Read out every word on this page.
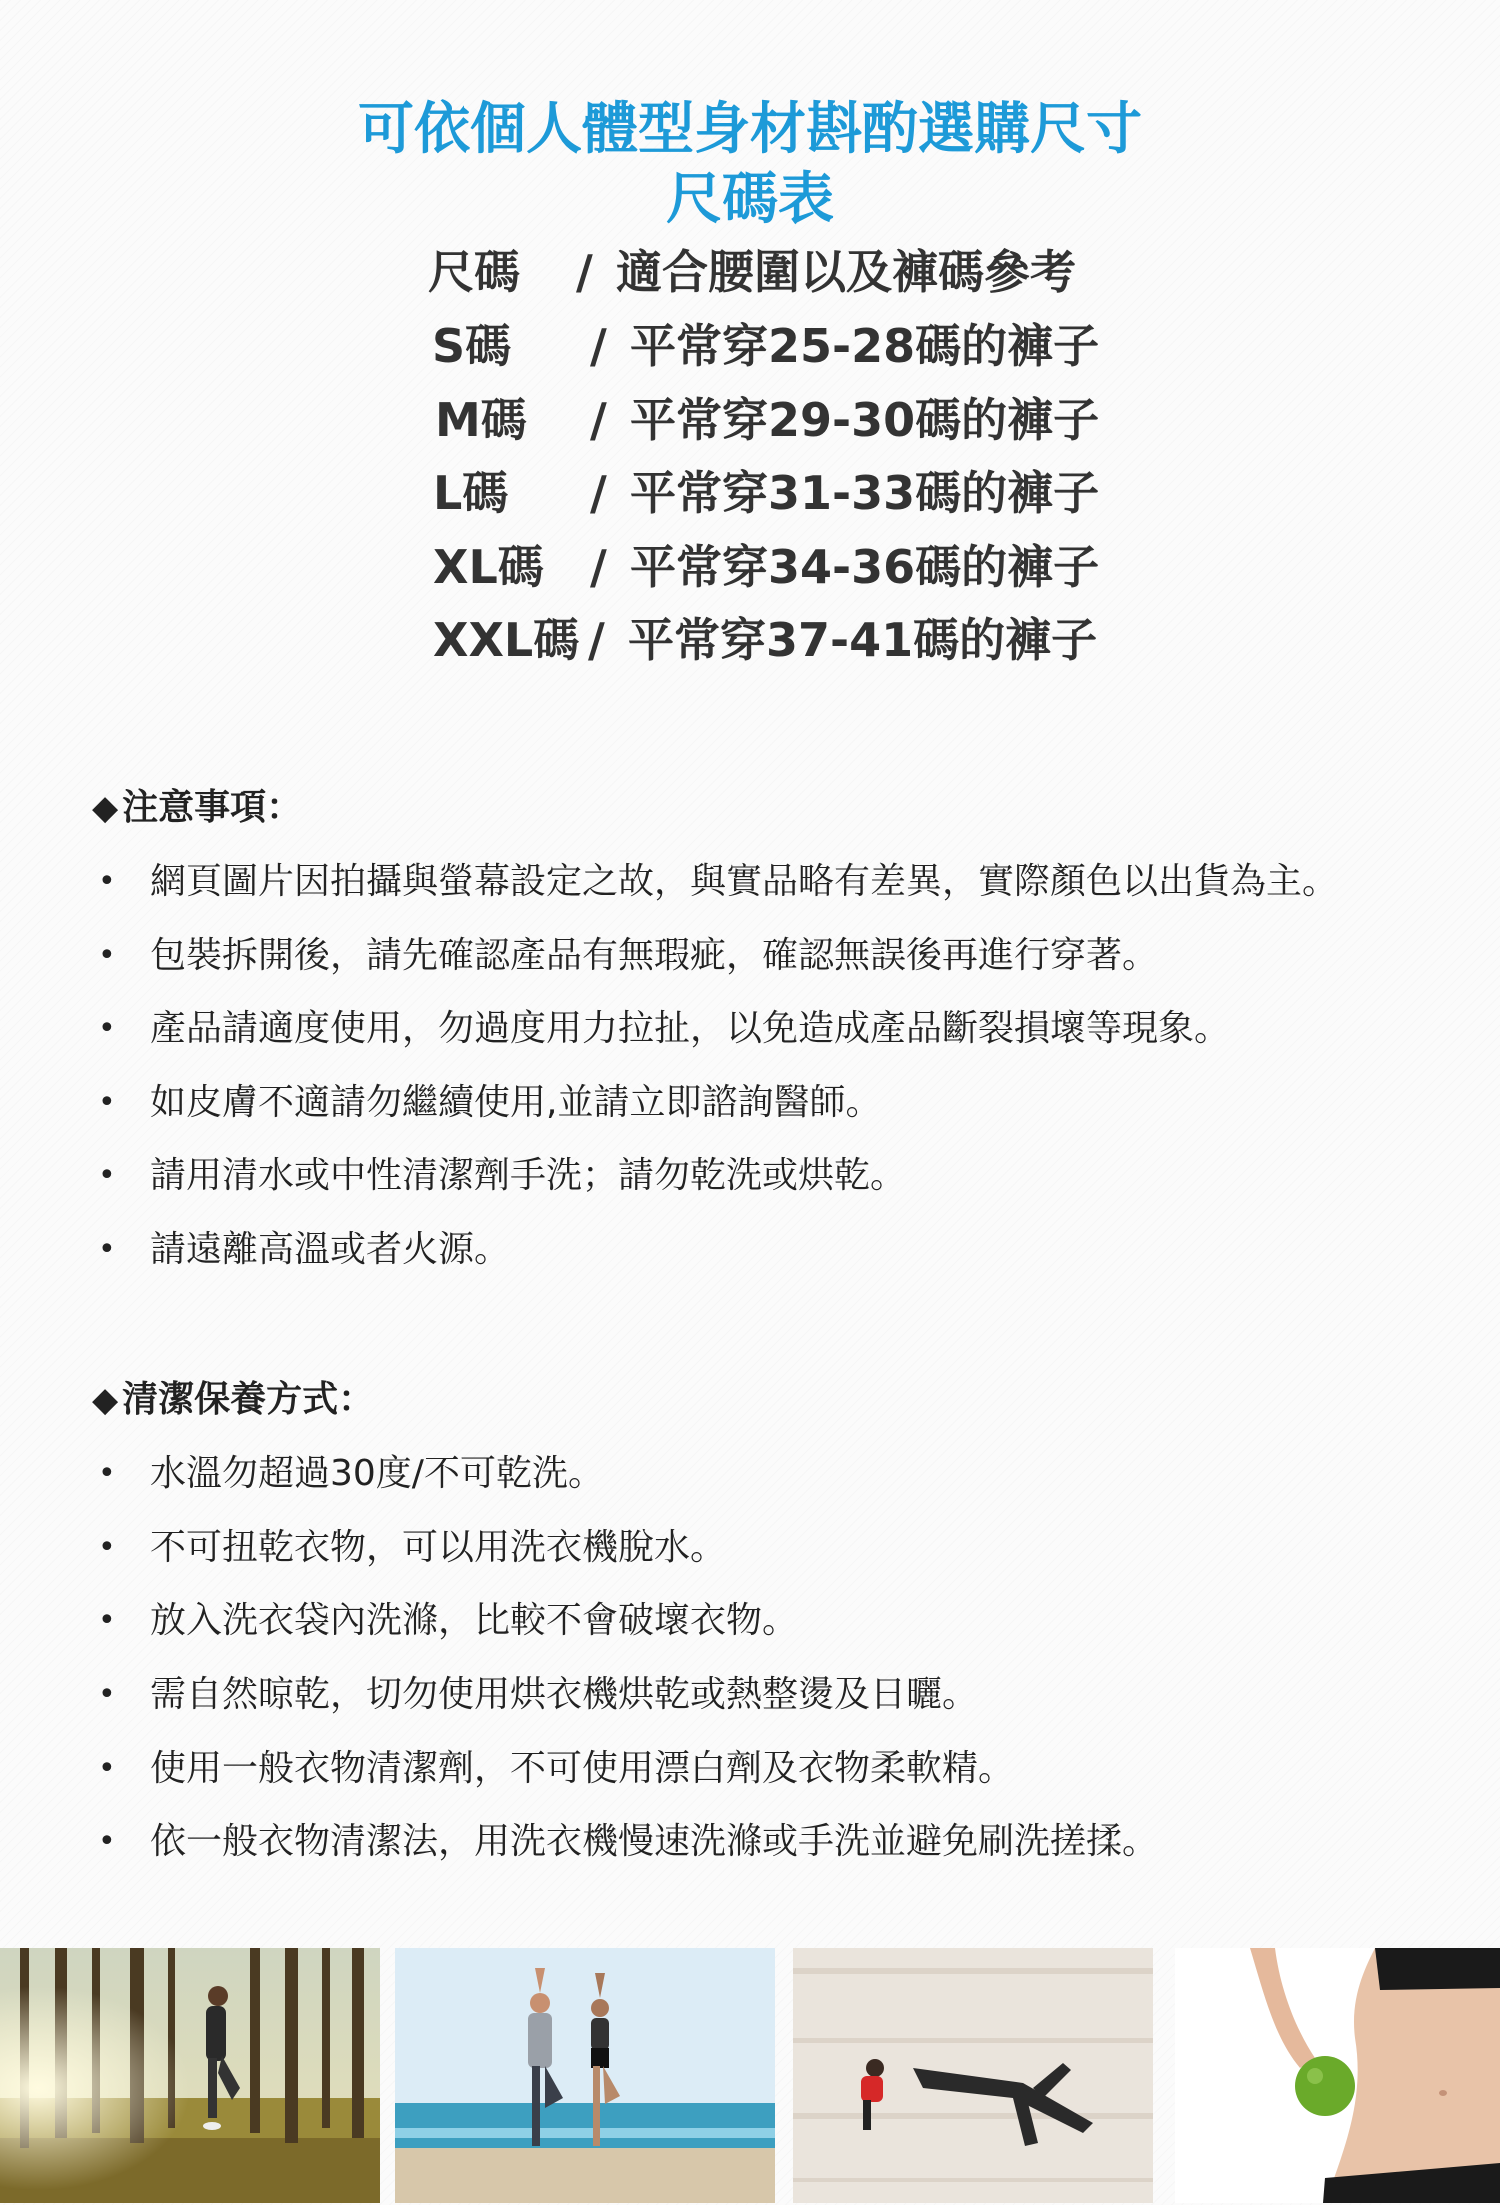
可依個人體型身材斟酌選購尺寸
尺碼表
尺碼 / 適合腰圍以及褲碼參考
S碼 / 平常穿25-28碼的褲子
M碼 / 平常穿29-30碼的褲子
L碼 / 平常穿31-33碼的褲子
XL碼 / 平常穿34-36碼的褲子
XXL碼 / 平常穿37-41碼的褲子
◆ 注意事項：
• 網頁圖片因拍攝與螢幕設定之故，與實品略有差異，實際顏色以出貨為主。
• 包裝拆開後，請先確認產品有無瑕疵，確認無誤後再進行穿著。
• 產品請適度使用，勿過度用力拉扯，以免造成產品斷裂損壞等現象。
• 如皮膚不適請勿繼續使用,並請立即諮詢醫師。
• 請用清水或中性清潔劑手洗；請勿乾洗或烘乾。
• 請遠離高溫或者火源。
◆ 清潔保養方式：
• 水溫勿超過30度/不可乾洗。
• 不可扭乾衣物，可以用洗衣機脫水。
• 放入洗衣袋內洗滌，比較不會破壞衣物。
• 需自然晾乾，切勿使用烘衣機烘乾或熱整燙及日曬。
• 使用一般衣物清潔劑，不可使用漂白劑及衣物柔軟精。
• 依一般衣物清潔法，用洗衣機慢速洗滌或手洗並避免刷洗搓揉。
